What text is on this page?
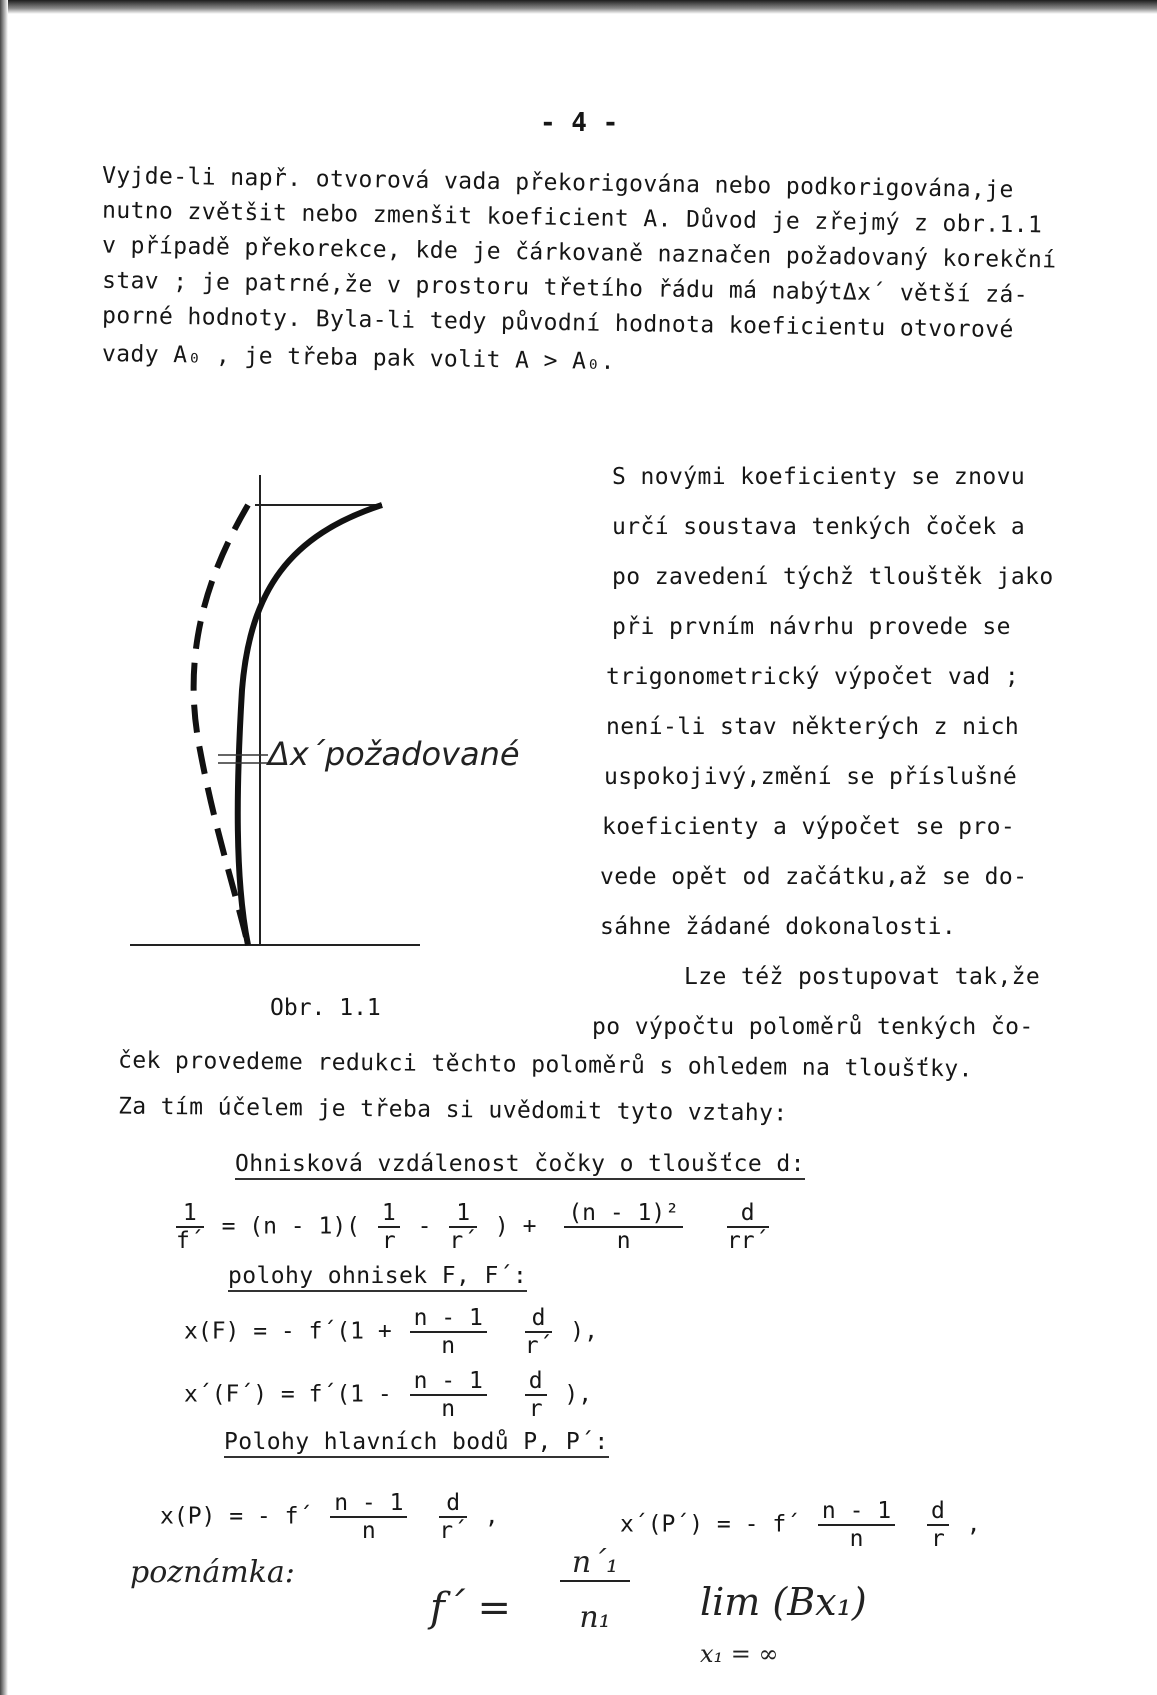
- 4 -
Vyjde-li např. otvorová vada překorigována nebo podkorigována,je
nutno zvětšit nebo zmenšit koeficient A. Důvod je zřejmý z obr.1.1
v případě překorekce, kde je čárkovaně naznačen požadovaný korekční
stav ; je patrné,že v prostoru třetího řádu má nabýtΔx´ větší zá-
porné hodnoty. Byla-li tedy původní hodnota koeficientu otvorové
vady A₀ , je třeba pak volit A > A₀.
Δx´požadované
Obr. 1.1
S novými koeficienty se znovu
určí soustava tenkých čoček a
po zavedení týchž tlouštěk jako
při prvním návrhu provede se
trigonometrický výpočet vad ;
není-li stav některých z nich
uspokojivý,změní se příslušné
koeficienty a výpočet se pro-
vede opět od začátku,až se do-
sáhne žádané dokonalosti.
Lze též postupovat tak,že
po výpočtu poloměrů tenkých čo-
ček provedeme redukci těchto poloměrů s ohledem na tloušťky.
Za tím účelem je třeba si uvědomit tyto vztahy:
Ohnisková vzdálenost čočky o tloušťce d:
$\frac{1}{f´} = (n - 1)( \frac{1}{r} - \frac{1}{r´}$ ) + $\frac{\text{(n - 1)²}}{n}$
$\frac{d}{rr´}$
polohy ohnisek F, F´:
x(F) = - f´(1 + $\frac{n - 1}{n}$
$\frac{d}{r´}$ ),
x´(F´) = f´(1 - $\frac{n - 1}{n}$
$\frac{d}{r}$ ),
Polohy hlavních bodů P, P´:
x(P) = - f´ $\frac{n - 1}{n}$
$\frac{d}{r´}$ ,	x´(P´) = - f´ $\frac{n - 1}{n}$
$\frac{d}{r}$ ,
poznámka:
f´ =
n´₁
n₁	lim (Bx₁)
x₁ = ∞
